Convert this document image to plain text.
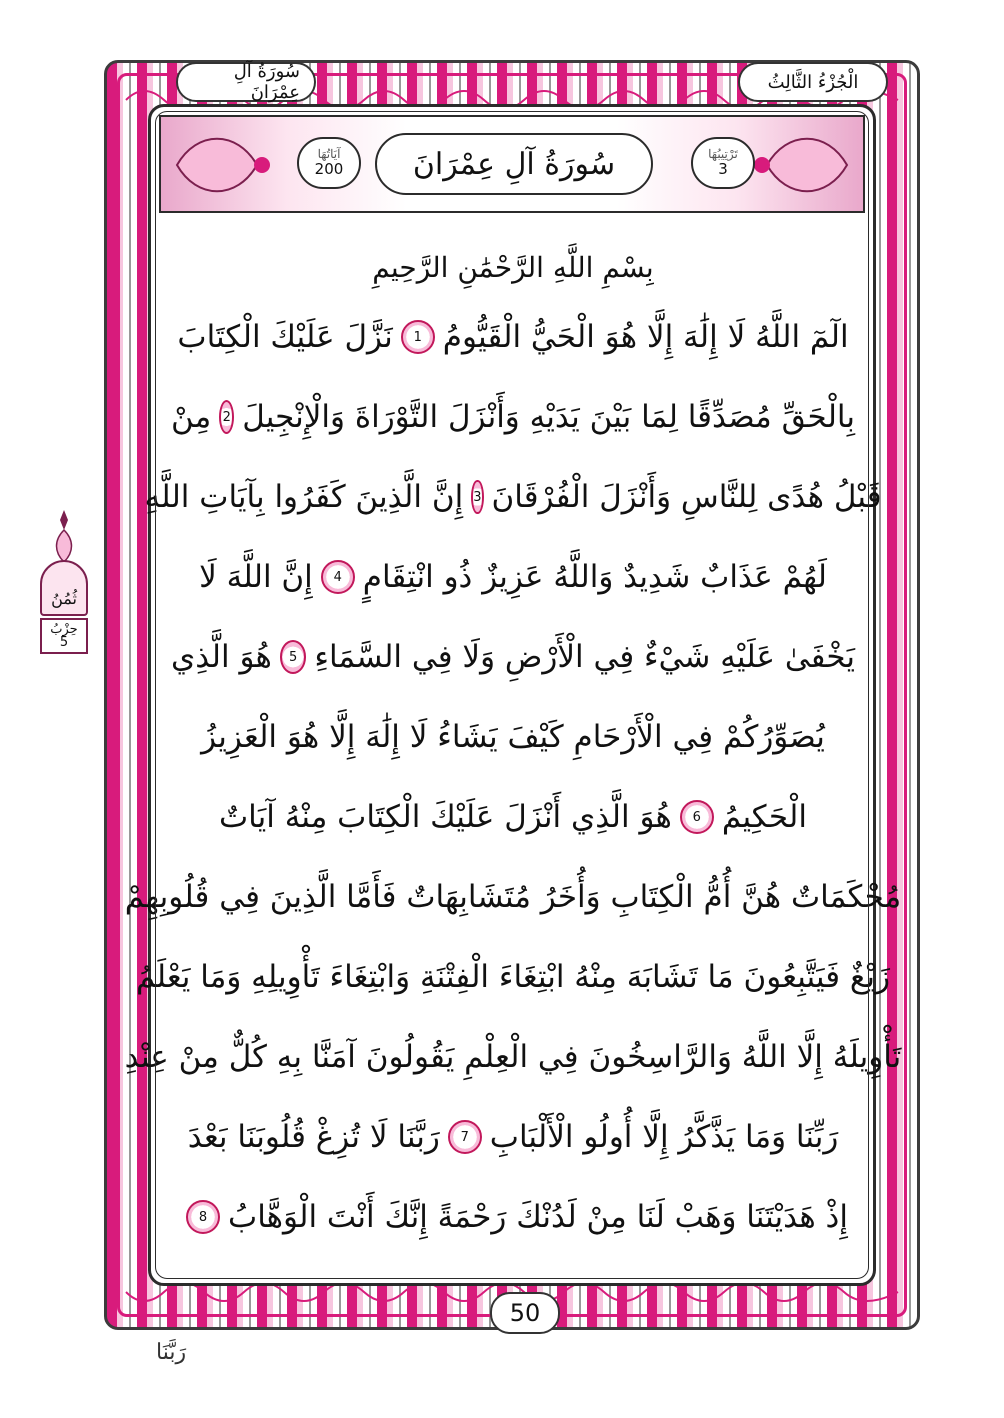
الْجُزْءُ الثَّالِثُ
سُورَةُ آلِ عِمْرَانَ
آيَاتُهَا
200	سُورَةُ آلِ عِمْرَانَ	تَرْتِيبُهَا
3
بِسْمِ اللَّهِ الرَّحْمَٰنِ الرَّحِيمِ
الٓمٓ اللَّهُ لَا إِلَٰهَ إِلَّا هُوَ الْحَيُّ الْقَيُّومُ
1
نَزَّلَ عَلَيْكَ الْكِتَابَ
بِالْحَقِّ مُصَدِّقًا لِمَا بَيْنَ يَدَيْهِ وَأَنْزَلَ التَّوْرَاةَ وَالْإِنْجِيلَ
2
مِنْ
قَبْلُ هُدًى لِلنَّاسِ وَأَنْزَلَ الْفُرْقَانَ
3
إِنَّ الَّذِينَ كَفَرُوا بِآيَاتِ اللَّهِ
لَهُمْ عَذَابٌ شَدِيدٌ وَاللَّهُ عَزِيزٌ ذُو انْتِقَامٍ
4
إِنَّ اللَّهَ لَا
يَخْفَىٰ عَلَيْهِ شَيْءٌ فِي الْأَرْضِ وَلَا فِي السَّمَاءِ
5
هُوَ الَّذِي
يُصَوِّرُكُمْ فِي الْأَرْحَامِ كَيْفَ يَشَاءُ لَا إِلَٰهَ إِلَّا هُوَ الْعَزِيزُ
الْحَكِيمُ
6
هُوَ الَّذِي أَنْزَلَ عَلَيْكَ الْكِتَابَ مِنْهُ آيَاتٌ
مُحْكَمَاتٌ هُنَّ أُمُّ الْكِتَابِ وَأُخَرُ مُتَشَابِهَاتٌ فَأَمَّا الَّذِينَ فِي قُلُوبِهِمْ
زَيْغٌ فَيَتَّبِعُونَ مَا تَشَابَهَ مِنْهُ ابْتِغَاءَ الْفِتْنَةِ وَابْتِغَاءَ تَأْوِيلِهِ وَمَا يَعْلَمُ
تَأْوِيلَهُ إِلَّا اللَّهُ وَالرَّاسِخُونَ فِي الْعِلْمِ يَقُولُونَ آمَنَّا بِهِ كُلٌّ مِنْ عِنْدِ
رَبِّنَا وَمَا يَذَّكَّرُ إِلَّا أُولُو الْأَلْبَابِ
7
رَبَّنَا لَا تُزِغْ قُلُوبَنَا بَعْدَ
إِذْ هَدَيْتَنَا وَهَبْ لَنَا مِنْ لَدُنْكَ رَحْمَةً إِنَّكَ أَنْتَ الْوَهَّابُ
8
50
ثُمُنُ
حِزْبُ
5
رَبَّنَا
